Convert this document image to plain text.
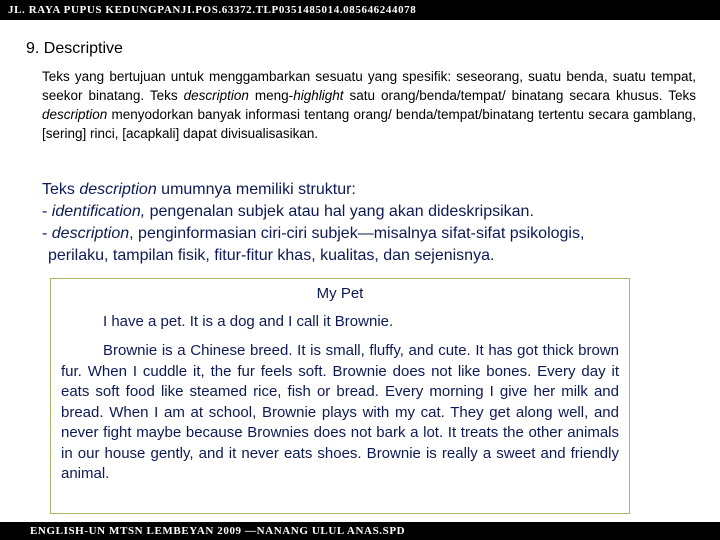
JL. RAYA PUPUS KEDUNGPANJI.POS.63372.TLP0351485014.085646244078
9. Descriptive
Teks yang bertujuan untuk menggambarkan sesuatu yang spesifik: seseorang, suatu benda, suatu tempat, seekor binatang. Teks description meng-highlight satu orang/benda/tempat/ binatang secara khusus. Teks description menyodorkan banyak informasi tentang orang/ benda/tempat/binatang tertentu secara gamblang, [sering] rinci, [acapkali] dapat divisualisasikan.
Teks description umumnya memiliki struktur:
- identification, pengenalan subjek atau hal yang akan dideskripsikan.
- description, penginformasian ciri-ciri subjek—misalnya sifat-sifat psikologis,
perilaku, tampilan fisik, fitur-fitur khas, kualitas, dan sejenisnya.
My Pet
I have a pet. It is a dog and I call it Brownie.
Brownie is a Chinese breed. It is small, fluffy, and cute. It has got thick brown fur. When I cuddle it, the fur feels soft. Brownie does not like bones. Every day it eats soft food like steamed rice, fish or bread. Every morning I give her milk and bread. When I am at school, Brownie plays with my cat. They get along well, and never fight maybe because Brownies does not bark a lot. It treats the other animals in our house gently, and it never eats shoes. Brownie is really a sweet and friendly animal.
ENGLISH-UN MTSN LEMBEYAN 2009 —NANANG ULUL ANAS.SPD
